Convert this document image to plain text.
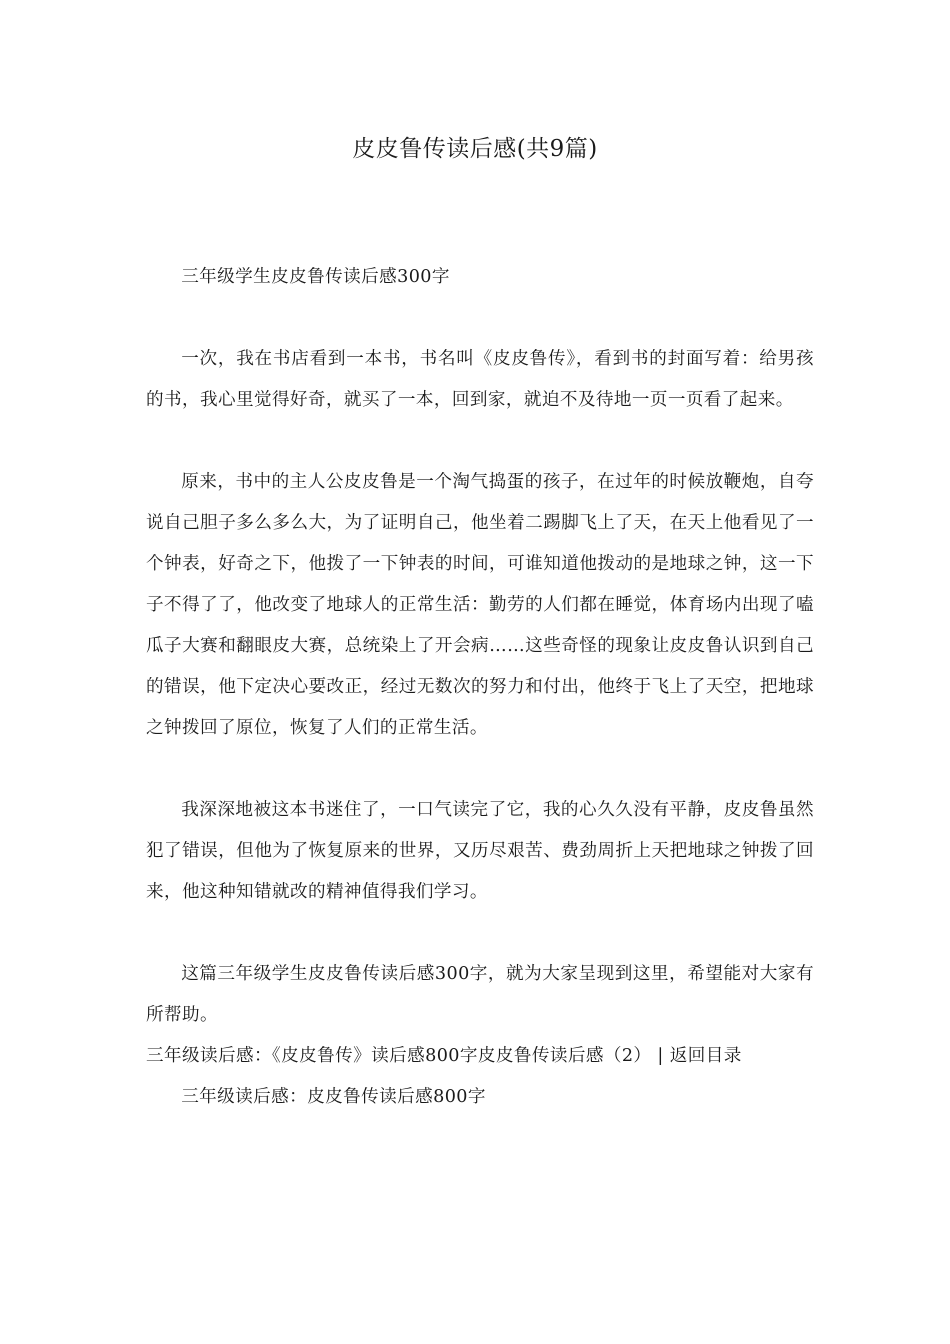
皮皮鲁传读后感(共9篇)

三年级学生皮皮鲁传读后感300字

一次，我在书店看到一本书，书名叫《皮皮鲁传》，看到书的封面写着：给男孩的书，我心里觉得好奇，就买了一本，回到家，就迫不及待地一页一页看了起来。

原来，书中的主人公皮皮鲁是一个淘气捣蛋的孩子，在过年的时候放鞭炮，自夸说自己胆子多么多么大，为了证明自己，他坐着二踢脚飞上了天，在天上他看见了一个钟表，好奇之下，他拨了一下钟表的时间，可谁知道他拨动的是地球之钟，这一下子不得了了，他改变了地球人的正常生活：勤劳的人们都在睡觉，体育场内出现了嗑瓜子大赛和翻眼皮大赛，总统染上了开会病……这些奇怪的现象让皮皮鲁认识到自己的错误，他下定决心要改正，经过无数次的努力和付出，他终于飞上了天空，把地球之钟拨回了原位，恢复了人们的正常生活。

我深深地被这本书迷住了，一口气读完了它，我的心久久没有平静，皮皮鲁虽然犯了错误，但他为了恢复原来的世界，又历尽艰苦、费劲周折上天把地球之钟拨了回来，他这种知错就改的精神值得我们学习。

这篇三年级学生皮皮鲁传读后感300字，就为大家呈现到这里，希望能对大家有所帮助。

三年级读后感：《皮皮鲁传》读后感800字皮皮鲁传读后感（2） | 返回目录

三年级读后感：皮皮鲁传读后感800字
